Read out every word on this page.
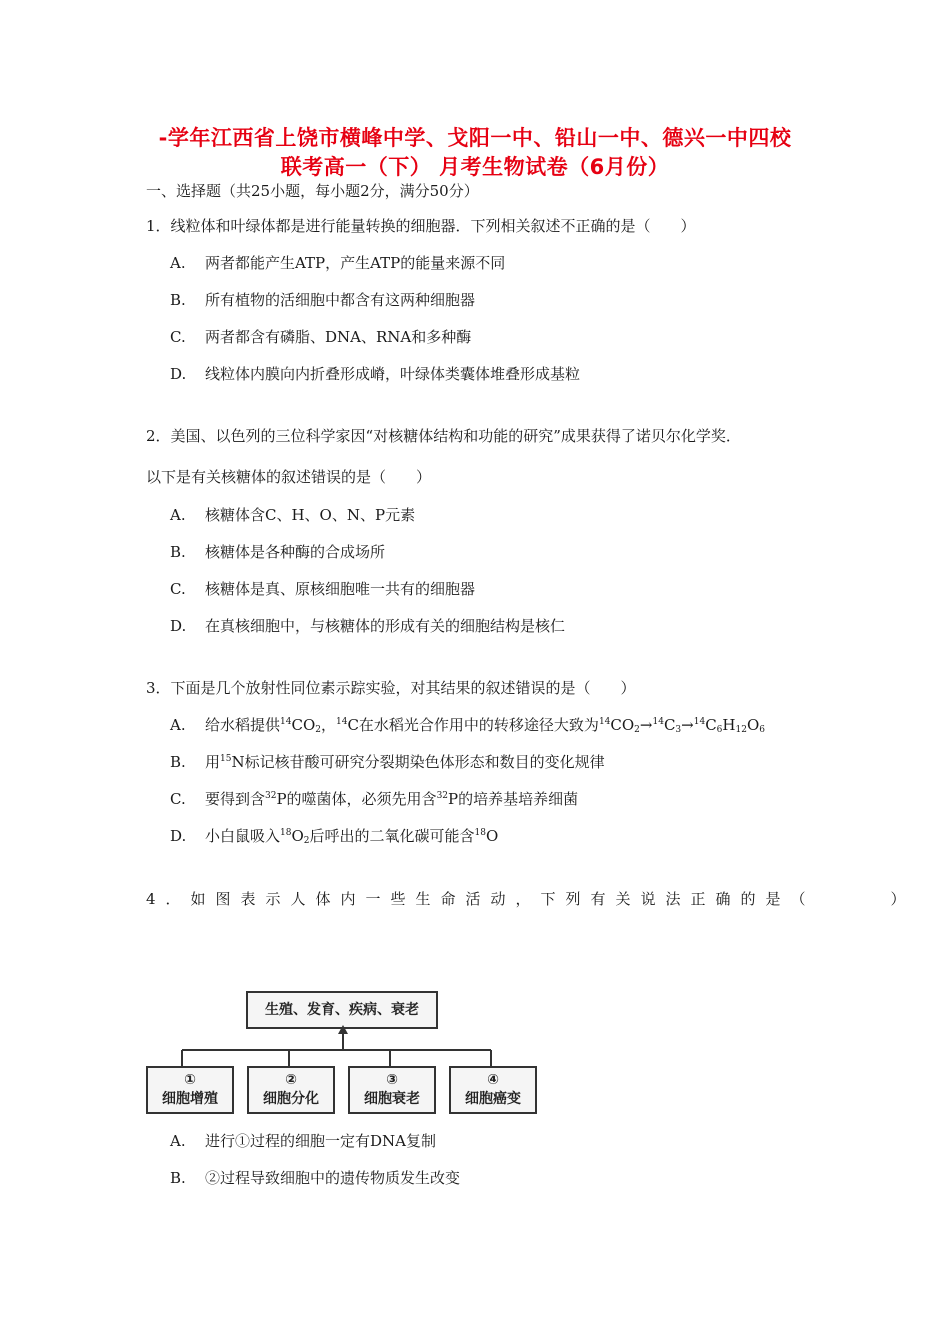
-学年江西省上饶市横峰中学、戈阳一中、铅山一中、德兴一中四校
联考高一（下） 月考生物试卷（6月份）
一、选择题（共25小题，每小题2分，满分50分）
1．线粒体和叶绿体都是进行能量转换的细胞器．下列相关叙述不正确的是（　　）
A. 两者都能产生ATP，产生ATP的能量来源不同
B. 所有植物的活细胞中都含有这两种细胞器
C. 两者都含有磷脂、DNA、RNA和多种酶
D. 线粒体内膜向内折叠形成嵴，叶绿体类囊体堆叠形成基粒
2．美国、以色列的三位科学家因“对核糖体结构和功能的研究”成果获得了诺贝尔化学奖．
以下是有关核糖体的叙述错误的是（　　）
A. 核糖体含C、H、O、N、P元素
B. 核糖体是各种酶的合成场所
C. 核糖体是真、原核细胞唯一共有的细胞器
D. 在真核细胞中，与核糖体的形成有关的细胞结构是核仁
3．下面是几个放射性同位素示踪实验，对其结果的叙述错误的是（　　）
A. 给水稻提供$^{14}CO_2$，$^{14}$C在水稻光合作用中的转移途径大致为$^{14}CO_2\to^{14}C_3\to^{14}C_6H_{12}O_6$
B. 用$^{15}$N标记核苷酸可研究分裂期染色体形态和数目的变化规律
C. 要得到含$^{32}$P的噬菌体，必须先用含$^{32}$P的培养基培养细菌
D. 小白鼠吸入$^{18}O_2$后呼出的二氧化碳可能含$^{18}$O
4．如图表示人体内一些生命活动，下列有关说法正确的是（　　　）
生殖、发育、疾病、衰老
①
细胞增殖
②
细胞分化
③
细胞衰老
④
细胞癌变
A. 进行①过程的细胞一定有DNA复制
B. ②过程导致细胞中的遗传物质发生改变
